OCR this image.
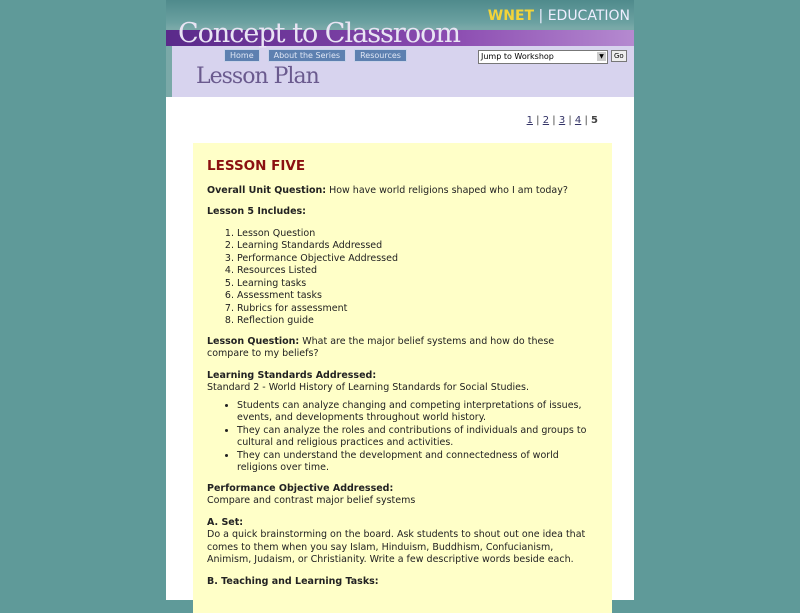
Concept to Classroom
WNET | EDUCATION
Home	About the Series	Resources
Lesson Plan
Jump to Workshop	▼	Go
1 | 2 | 3 | 4 | 5
LESSON FIVE

Overall Unit Question: How have world religions shaped who I am today?

Lesson 5 Includes:

1. Lesson Question
2. Learning Standards Addressed
3. Performance Objective Addressed
4. Resources Listed
5. Learning tasks
6. Assessment tasks
7. Rubrics for assessment
8. Reflection guide

Lesson Question: What are the major belief systems and how do these compare to my beliefs?

Learning Standards Addressed:
Standard 2 - World History of Learning Standards for Social Studies.

• Students can analyze changing and competing interpretations of issues, events, and developments throughout world history.
• They can analyze the roles and contributions of individuals and groups to cultural and religious practices and activities.
• They can understand the development and connectedness of world religions over time.

Performance Objective Addressed:
Compare and contrast major belief systems

A. Set:
Do a quick brainstorming on the board. Ask students to shout out one idea that comes to them when you say Islam, Hinduism, Buddhism, Confucianism, Animism, Judaism, or Christianity. Write a few descriptive words beside each.

B. Teaching and Learning Tasks:
